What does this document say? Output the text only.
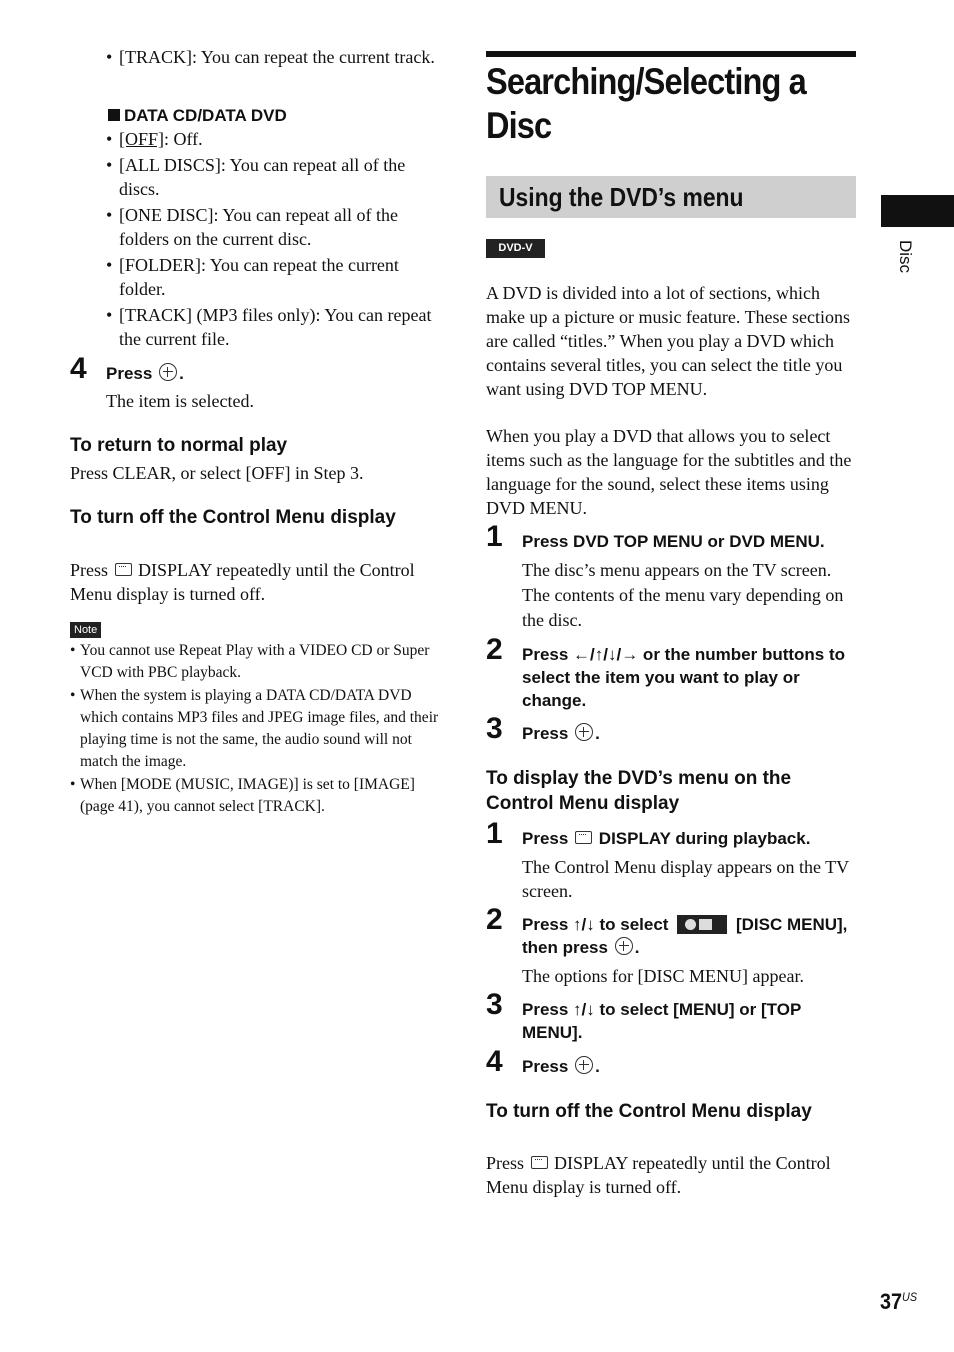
• [TRACK]: You can repeat the current track.
DATA CD/DATA DVD
• [OFF]: Off.
• [ALL DISCS]: You can repeat all of the discs.
• [ONE DISC]: You can repeat all of the folders on the current disc.
• [FOLDER]: You can repeat the current folder.
• [TRACK] (MP3 files only): You can repeat the current file.
4 Press .
The item is selected.
To return to normal play
Press CLEAR, or select [OFF] in Step 3.
To turn off the Control Menu display
Press DISPLAY repeatedly until the Control Menu display is turned off.
Note
• You cannot use Repeat Play with a VIDEO CD or Super VCD with PBC playback.
• When the system is playing a DATA CD/DATA DVD which contains MP3 files and JPEG image files, and their playing time is not the same, the audio sound will not match the image.
• When [MODE (MUSIC, IMAGE)] is set to [IMAGE] (page 41), you cannot select [TRACK].
Searching/Selecting a Disc
Using the DVD’s menu
DVD-V
A DVD is divided into a lot of sections, which make up a picture or music feature. These sections are called “titles.” When you play a DVD which contains several titles, you can select the title you want using DVD TOP MENU.
When you play a DVD that allows you to select items such as the language for the subtitles and the language for the sound, select these items using DVD MENU.
1 Press DVD TOP MENU or DVD MENU.
The disc’s menu appears on the TV screen. The contents of the menu vary depending on the disc.
2 Press ←/↑/↓/→ or the number buttons to select the item you want to play or change.
3 Press .
To display the DVD’s menu on the Control Menu display
1 Press DISPLAY during playback.
The Control Menu display appears on the TV screen.
2 Press ↑/↓ to select	[DISC MENU], then press .
The options for [DISC MENU] appear.
3 Press ↑/↓ to select [MENU] or [TOP MENU].
4 Press .
To turn off the Control Menu display
Press DISPLAY repeatedly until the Control Menu display is turned off.
Disc
$37^{US}$
